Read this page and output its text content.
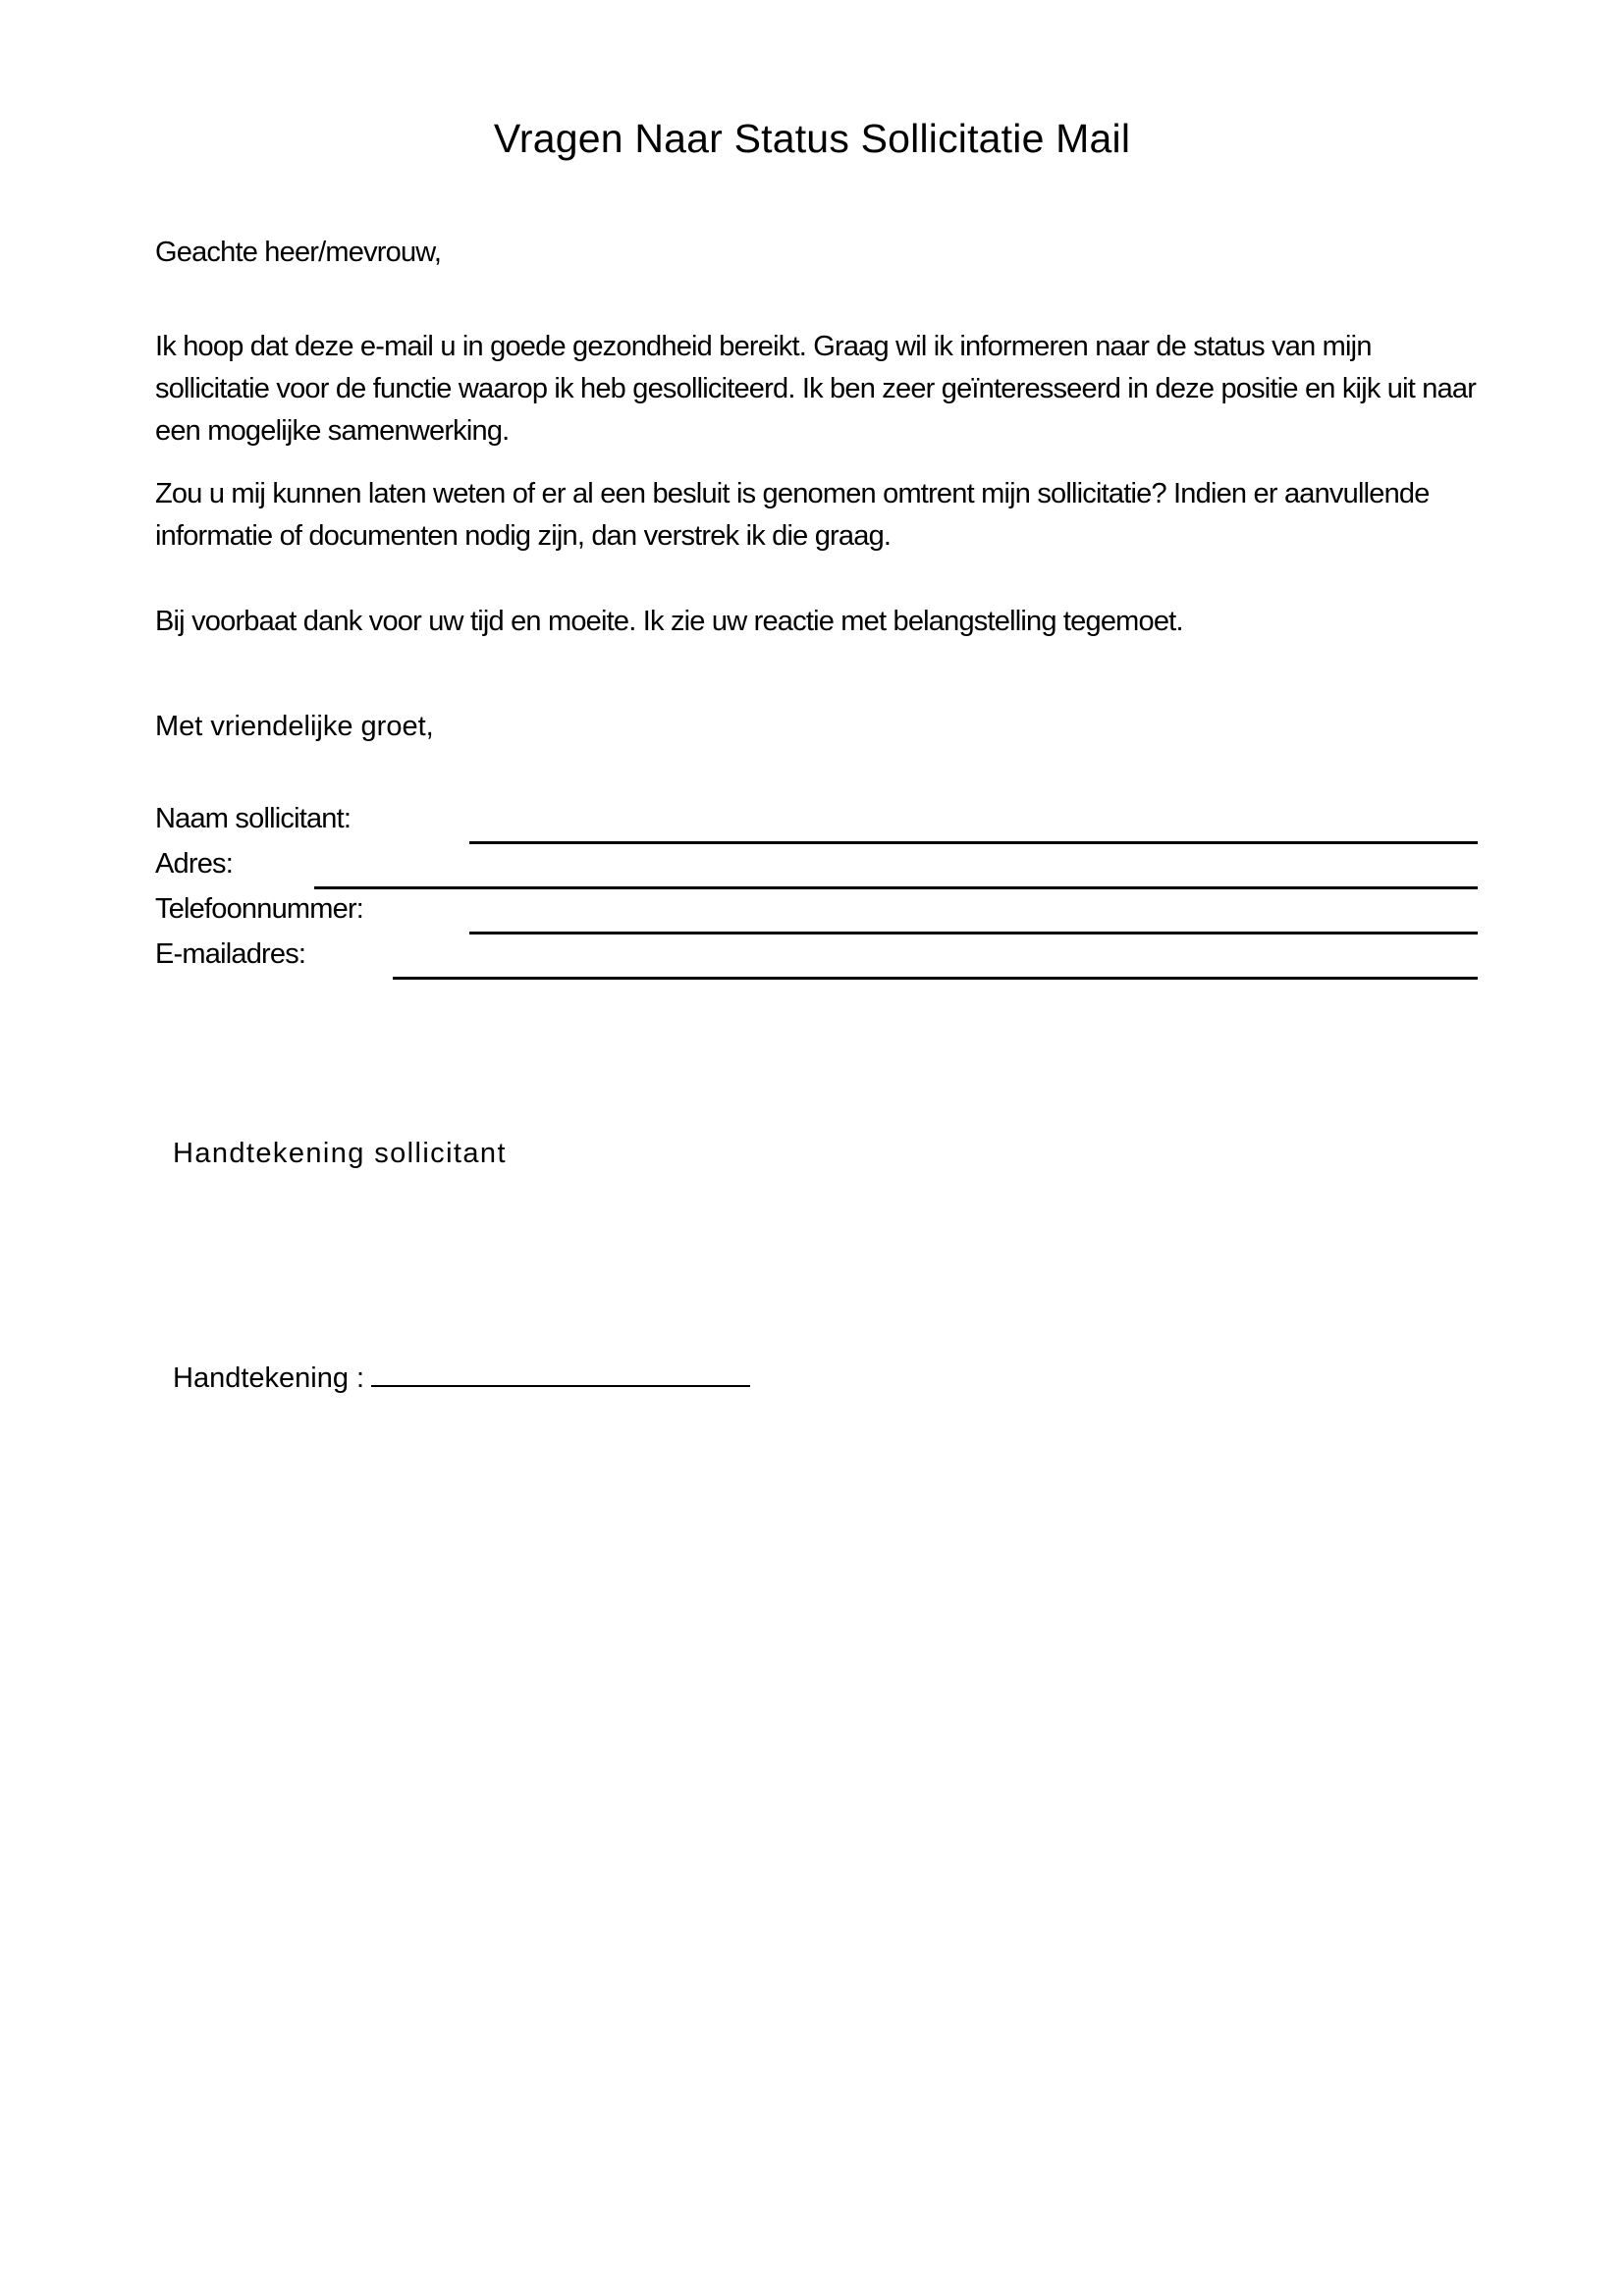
Vragen Naar Status Sollicitatie Mail
Geachte heer/mevrouw,
Ik hoop dat deze e-mail u in goede gezondheid bereikt. Graag wil ik informeren naar de status van mijn sollicitatie voor de functie waarop ik heb gesolliciteerd. Ik ben zeer geïnteresseerd in deze positie en kijk uit naar een mogelijke samenwerking.
Zou u mij kunnen laten weten of er al een besluit is genomen omtrent mijn sollicitatie? Indien er aanvullende informatie of documenten nodig zijn, dan verstrek ik die graag.
Bij voorbaat dank voor uw tijd en moeite. Ik zie uw reactie met belangstelling tegemoet.
Met vriendelijke groet,
Naam sollicitant:
Adres:
Telefoonnummer:
E-mailadres:
Handtekening sollicitant
Handtekening :
